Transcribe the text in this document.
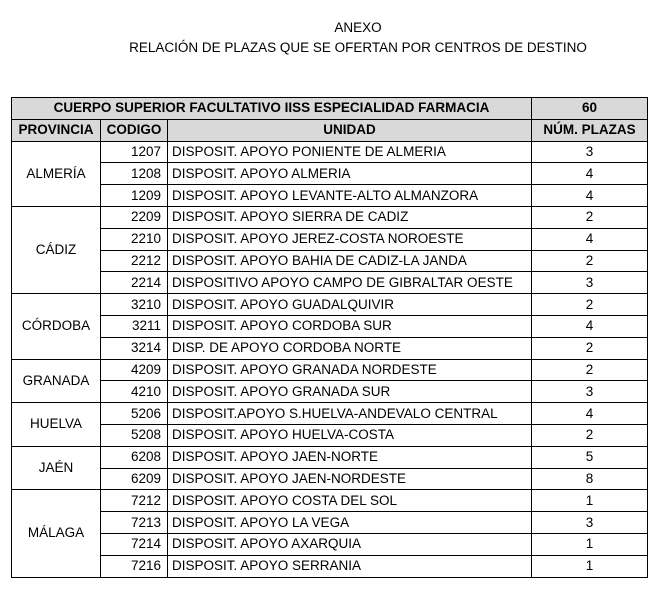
ANEXO
RELACIÓN DE PLAZAS QUE SE OFERTAN POR CENTROS DE DESTINO
CUERPO SUPERIOR FACULTATIVO IISS ESPECIALIDAD FARMACIA			60
PROVINCIA	CODIGO	UNIDAD	NÚM. PLAZAS
ALMERÍA	1207	DISPOSIT. APOYO PONIENTE DE ALMERIA	3
	1208	DISPOSIT. APOYO ALMERIA	4
	1209	DISPOSIT. APOYO LEVANTE-ALTO ALMANZORA	4
CÁDIZ	2209	DISPOSIT. APOYO SIERRA DE CADIZ	2
	2210	DISPOSIT. APOYO JEREZ-COSTA NOROESTE	4
	2212	DISPOSIT. APOYO BAHIA DE CADIZ-LA JANDA	2
	2214	DISPOSITIVO APOYO CAMPO DE GIBRALTAR OESTE	3
CÓRDOBA	3210	DISPOSIT. APOYO GUADALQUIVIR	2
	3211	DISPOSIT. APOYO CORDOBA SUR	4
	3214	DISP. DE APOYO CORDOBA NORTE	2
GRANADA	4209	DISPOSIT. APOYO GRANADA NORDESTE	2
	4210	DISPOSIT. APOYO GRANADA SUR	3
HUELVA	5206	DISPOSIT.APOYO S.HUELVA-ANDEVALO CENTRAL	4
	5208	DISPOSIT. APOYO HUELVA-COSTA	2
JAÉN	6208	DISPOSIT. APOYO JAEN-NORTE	5
	6209	DISPOSIT. APOYO JAEN-NORDESTE	8
MÁLAGA	7212	DISPOSIT. APOYO COSTA DEL SOL	1
	7213	DISPOSIT. APOYO LA VEGA	3
	7214	DISPOSIT. APOYO AXARQUIA	1
	7216	DISPOSIT. APOYO SERRANIA	1
